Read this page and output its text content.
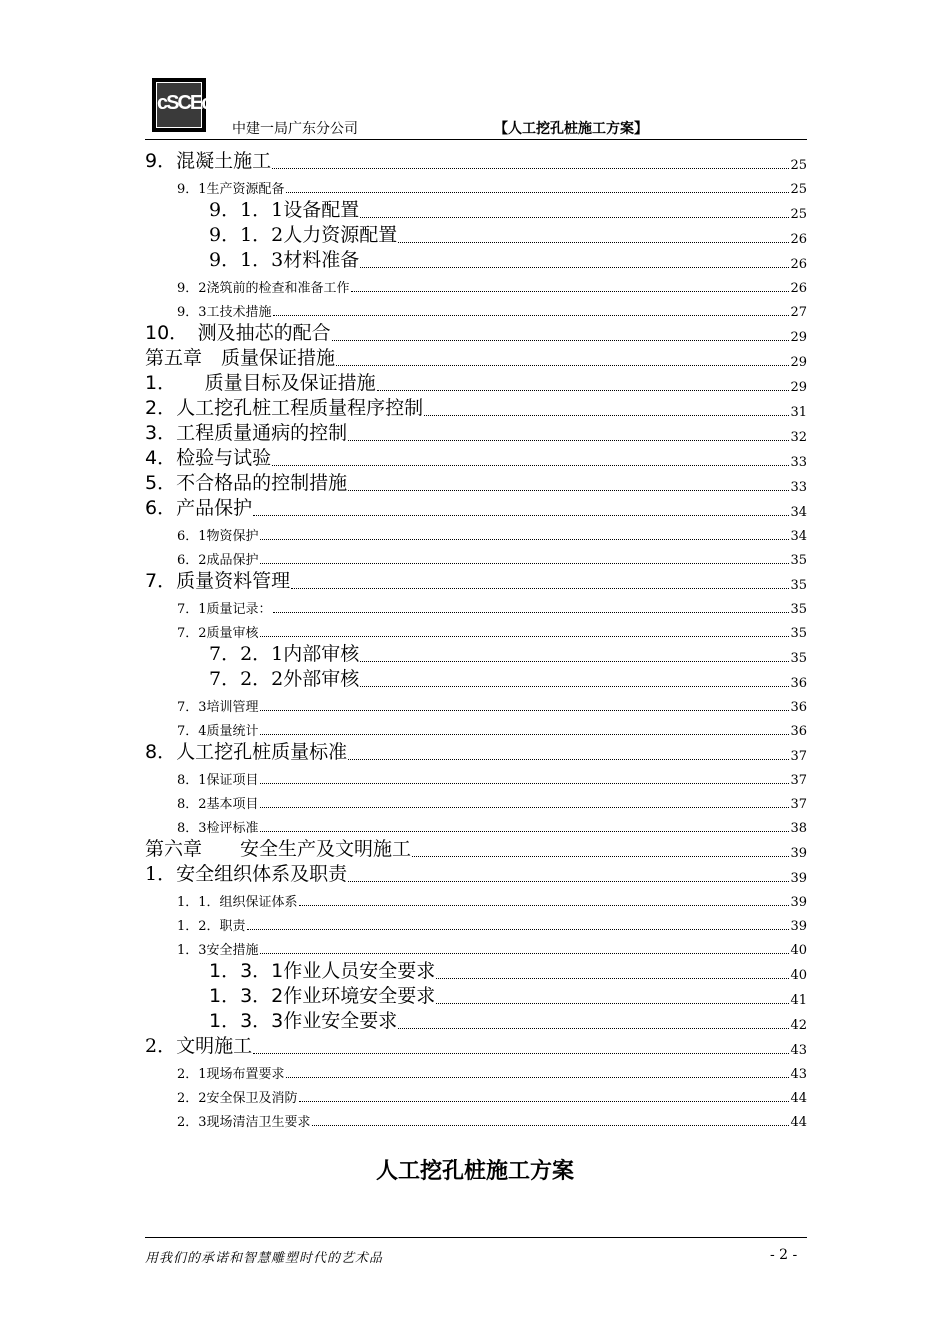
cSCEc
中建一局广东分公司	【人工挖孔桩施工方案】
9．混凝土施工	25
9．1生产资源配备	25
9．1．1设备配置	25
9．1．2人力资源配置	26
9．1．3材料准备	26
9．2浇筑前的检查和准备工作	26
9．3工技术措施	27
10．　测及抽芯的配合	29
第五章　质量保证措施	29
1．　　质量目标及保证措施	29
2．人工挖孔桩工程质量程序控制	31
3．工程质量通病的控制	32
4．检验与试验	33
5．不合格品的控制措施	33
6．产品保护	34
6．1物资保护	34
6．2成品保护	35
7．质量资料管理	35
7．1质量记录：	35
7．2质量审核	35
7．2．1内部审核	35
7．2．2外部审核	36
7．3培训管理	36
7．4质量统计	36
8．人工挖孔桩质量标准	37
8．1保证项目	37
8．2基本项目	37
8．3检评标准	38
第六章　　安全生产及文明施工	39
1．安全组织体系及职责	39
1．1．组织保证体系	39
1．2．职责	39
1．3安全措施	40
1．3．1作业人员安全要求	40
1．3．2作业环境安全要求	41
1．3．3作业安全要求	42
2．文明施工	43
2．1现场布置要求	43
2．2安全保卫及消防	44
2．3现场清洁卫生要求	44
人工挖孔桩施工方案
用我们的承诺和智慧雕塑时代的艺术品	- 2 -
